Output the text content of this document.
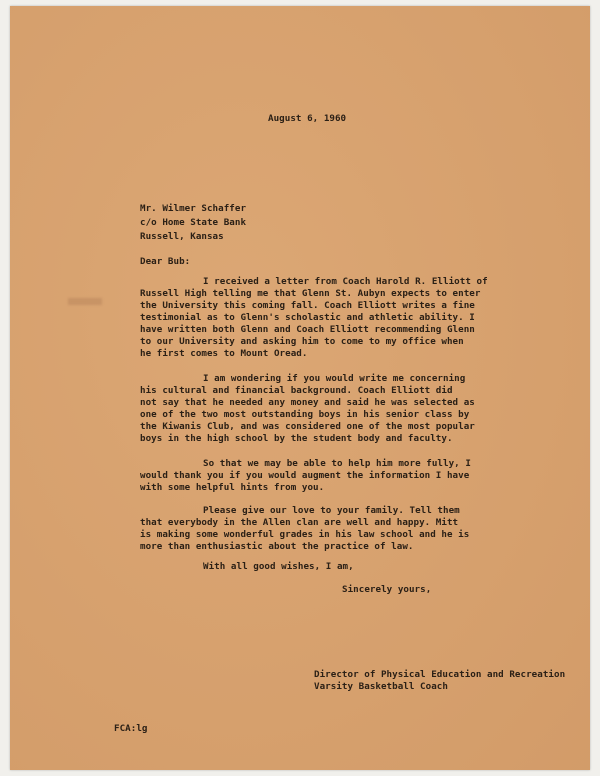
August 6, 1960

Mr. Wilmer Schaffer

c/o Home State Bank

Russell, Kansas

Dear Bub:

I received a letter from Coach Harold R. Elliott of

Russell High telling me that Glenn St. Aubyn expects to enter

the University this coming fall. Coach Elliott writes a fine

testimonial as to Glenn's scholastic and athletic ability. I

have written both Glenn and Coach Elliott recommending Glenn

to our University and asking him to come to my office when

he first comes to Mount Oread.

I am wondering if you would write me concerning

his cultural and financial background. Coach Elliott did

not say that he needed any money and said he was selected as

one of the two most outstanding boys in his senior class by

the Kiwanis Club, and was considered one of the most popular

boys in the high school by the student body and faculty.

So that we may be able to help him more fully, I

would thank you if you would augment the information I have

with some helpful hints from you.

Please give our love to your family. Tell them

that everybody in the Allen clan are well and happy. Mitt

is making some wonderful grades in his law school and he is

more than enthusiastic about the practice of law.

With all good wishes, I am,

Sincerely yours,

Director of Physical Education and Recreation

Varsity Basketball Coach

FCA:lg
